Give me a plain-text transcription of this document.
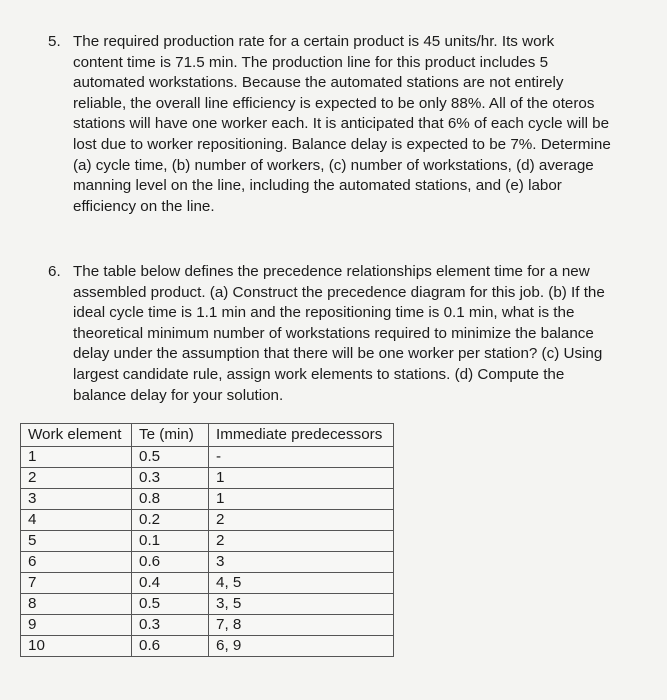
5. The required production rate for a certain product is 45 units/hr. Its work
content time is 71.5 min. The production line for this product includes 5
automated workstations. Because the automated stations are not entirely
reliable, the overall line efficiency is expected to be only 88%. All of the oteros
stations will have one worker each. It is anticipated that 6% of each cycle will be
lost due to worker repositioning. Balance delay is expected to be 7%. Determine
(a) cycle time, (b) number of workers, (c) number of workstations, (d) average
manning level on the line, including the automated stations, and (e) labor
efficiency on the line.
6. The table below defines the precedence relationships element time for a new
assembled product. (a) Construct the precedence diagram for this job. (b) If the
ideal cycle time is 1.1 min and the repositioning time is 0.1 min, what is the
theoretical minimum number of workstations required to minimize the balance
delay under the assumption that there will be one worker per station? (c) Using
largest candidate rule, assign work elements to stations. (d) Compute the
balance delay for your solution.
Work element	Te (min)	Immediate predecessors
1	0.5	-
2	0.3	1
3	0.8	1
4	0.2	2
5	0.1	2
6	0.6	3
7	0.4	4, 5
8	0.5	3, 5
9	0.3	7, 8
10	0.6	6, 9
